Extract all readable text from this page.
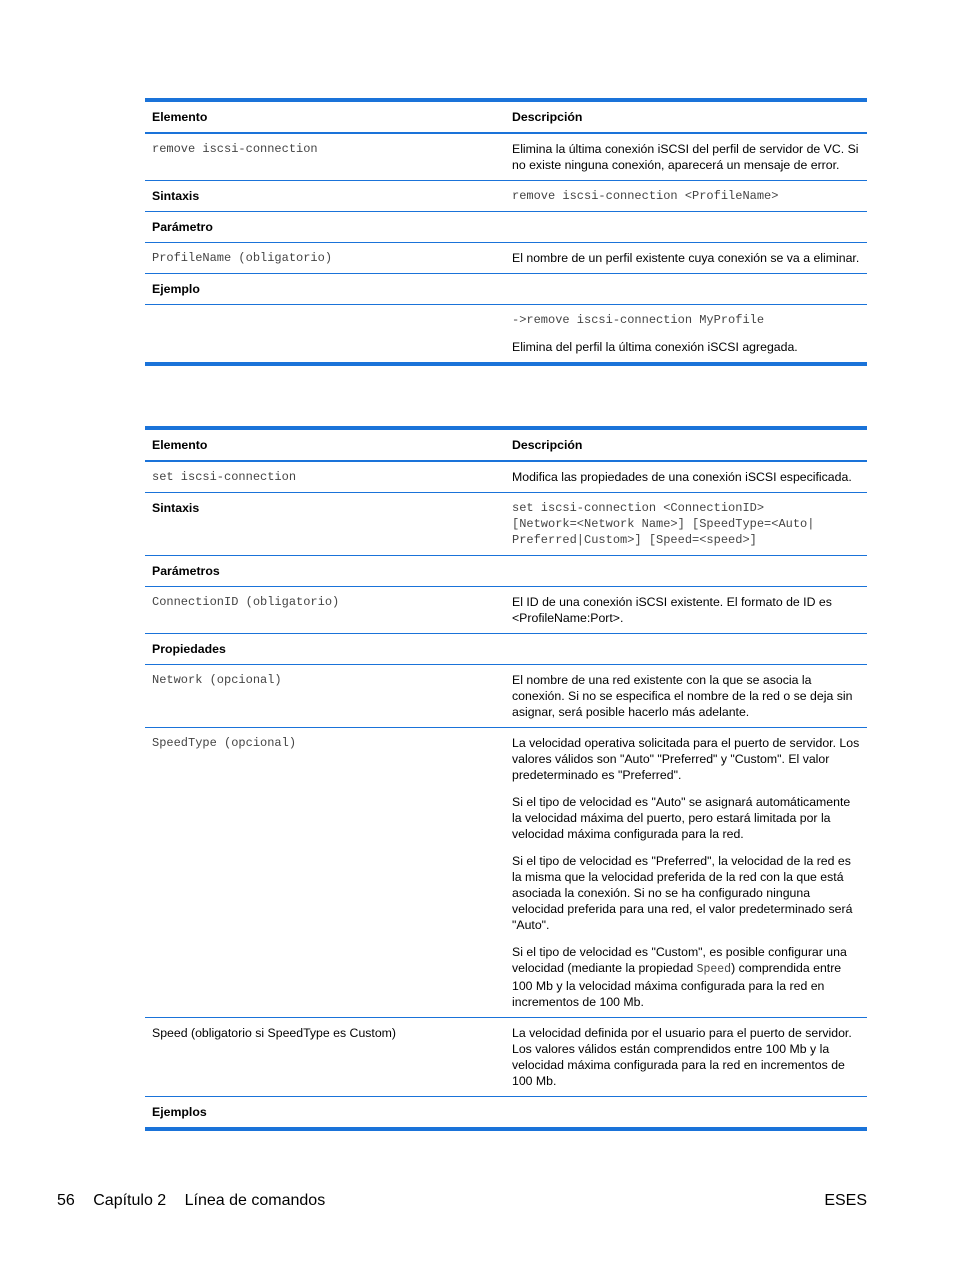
Elemento	Descripción
remove iscsi-connection	Elimina la última conexión iSCSI del perfil de servidor de VC. Si no existe ninguna conexión, aparecerá un mensaje de error.
Sintaxis	remove iscsi-connection <ProfileName>
Parámetro	
ProfileName (obligatorio)	El nombre de un perfil existente cuya conexión se va a eliminar.
Ejemplo	

	->remove iscsi-connection MyProfile

Elimina del perfil la última conexión iSCSI agregada.

Elemento	Descripción
set iscsi-connection	Modifica las propiedades de una conexión iSCSI especificada.
Sintaxis	set iscsi-connection <ConnectionID>
[Network=<Network Name>] [SpeedType=<Auto|
Preferred|Custom>] [Speed=<speed>]

Parámetros	
ConnectionID (obligatorio)	El ID de una conexión iSCSI existente. El formato de ID es <ProfileName:Port>.
Propiedades	
Network (opcional)	El nombre de una red existente con la que se asocia la conexión. Si no se especifica el nombre de la red o se deja sin asignar, será posible hacerlo más adelante.
SpeedType (opcional)	La velocidad operativa solicitada para el puerto de servidor. Los valores válidos son "Auto" "Preferred" y "Custom". El valor predeterminado es "Preferred".

Si el tipo de velocidad es "Auto" se asignará automáticamente la velocidad máxima del puerto, pero estará limitada por la velocidad máxima configurada para la red.

Si el tipo de velocidad es "Preferred", la velocidad de la red es la misma que la velocidad preferida de la red con la que está asociada la conexión. Si no se ha configurado ninguna velocidad preferida para una red, el valor predeterminado será "Auto".

Si el tipo de velocidad es "Custom", es posible configurar una velocidad (mediante la propiedad Speed) comprendida entre 100 Mb y la velocidad máxima configurada para la red en incrementos de 100 Mb.

Speed (obligatorio si SpeedType es Custom)	La velocidad definida por el usuario para el puerto de servidor. Los valores válidos están comprendidos entre 100 Mb y la velocidad máxima configurada para la red en incrementos de 100 Mb.
Ejemplos	
56 Capítulo 2 Línea de comandos	ESES
